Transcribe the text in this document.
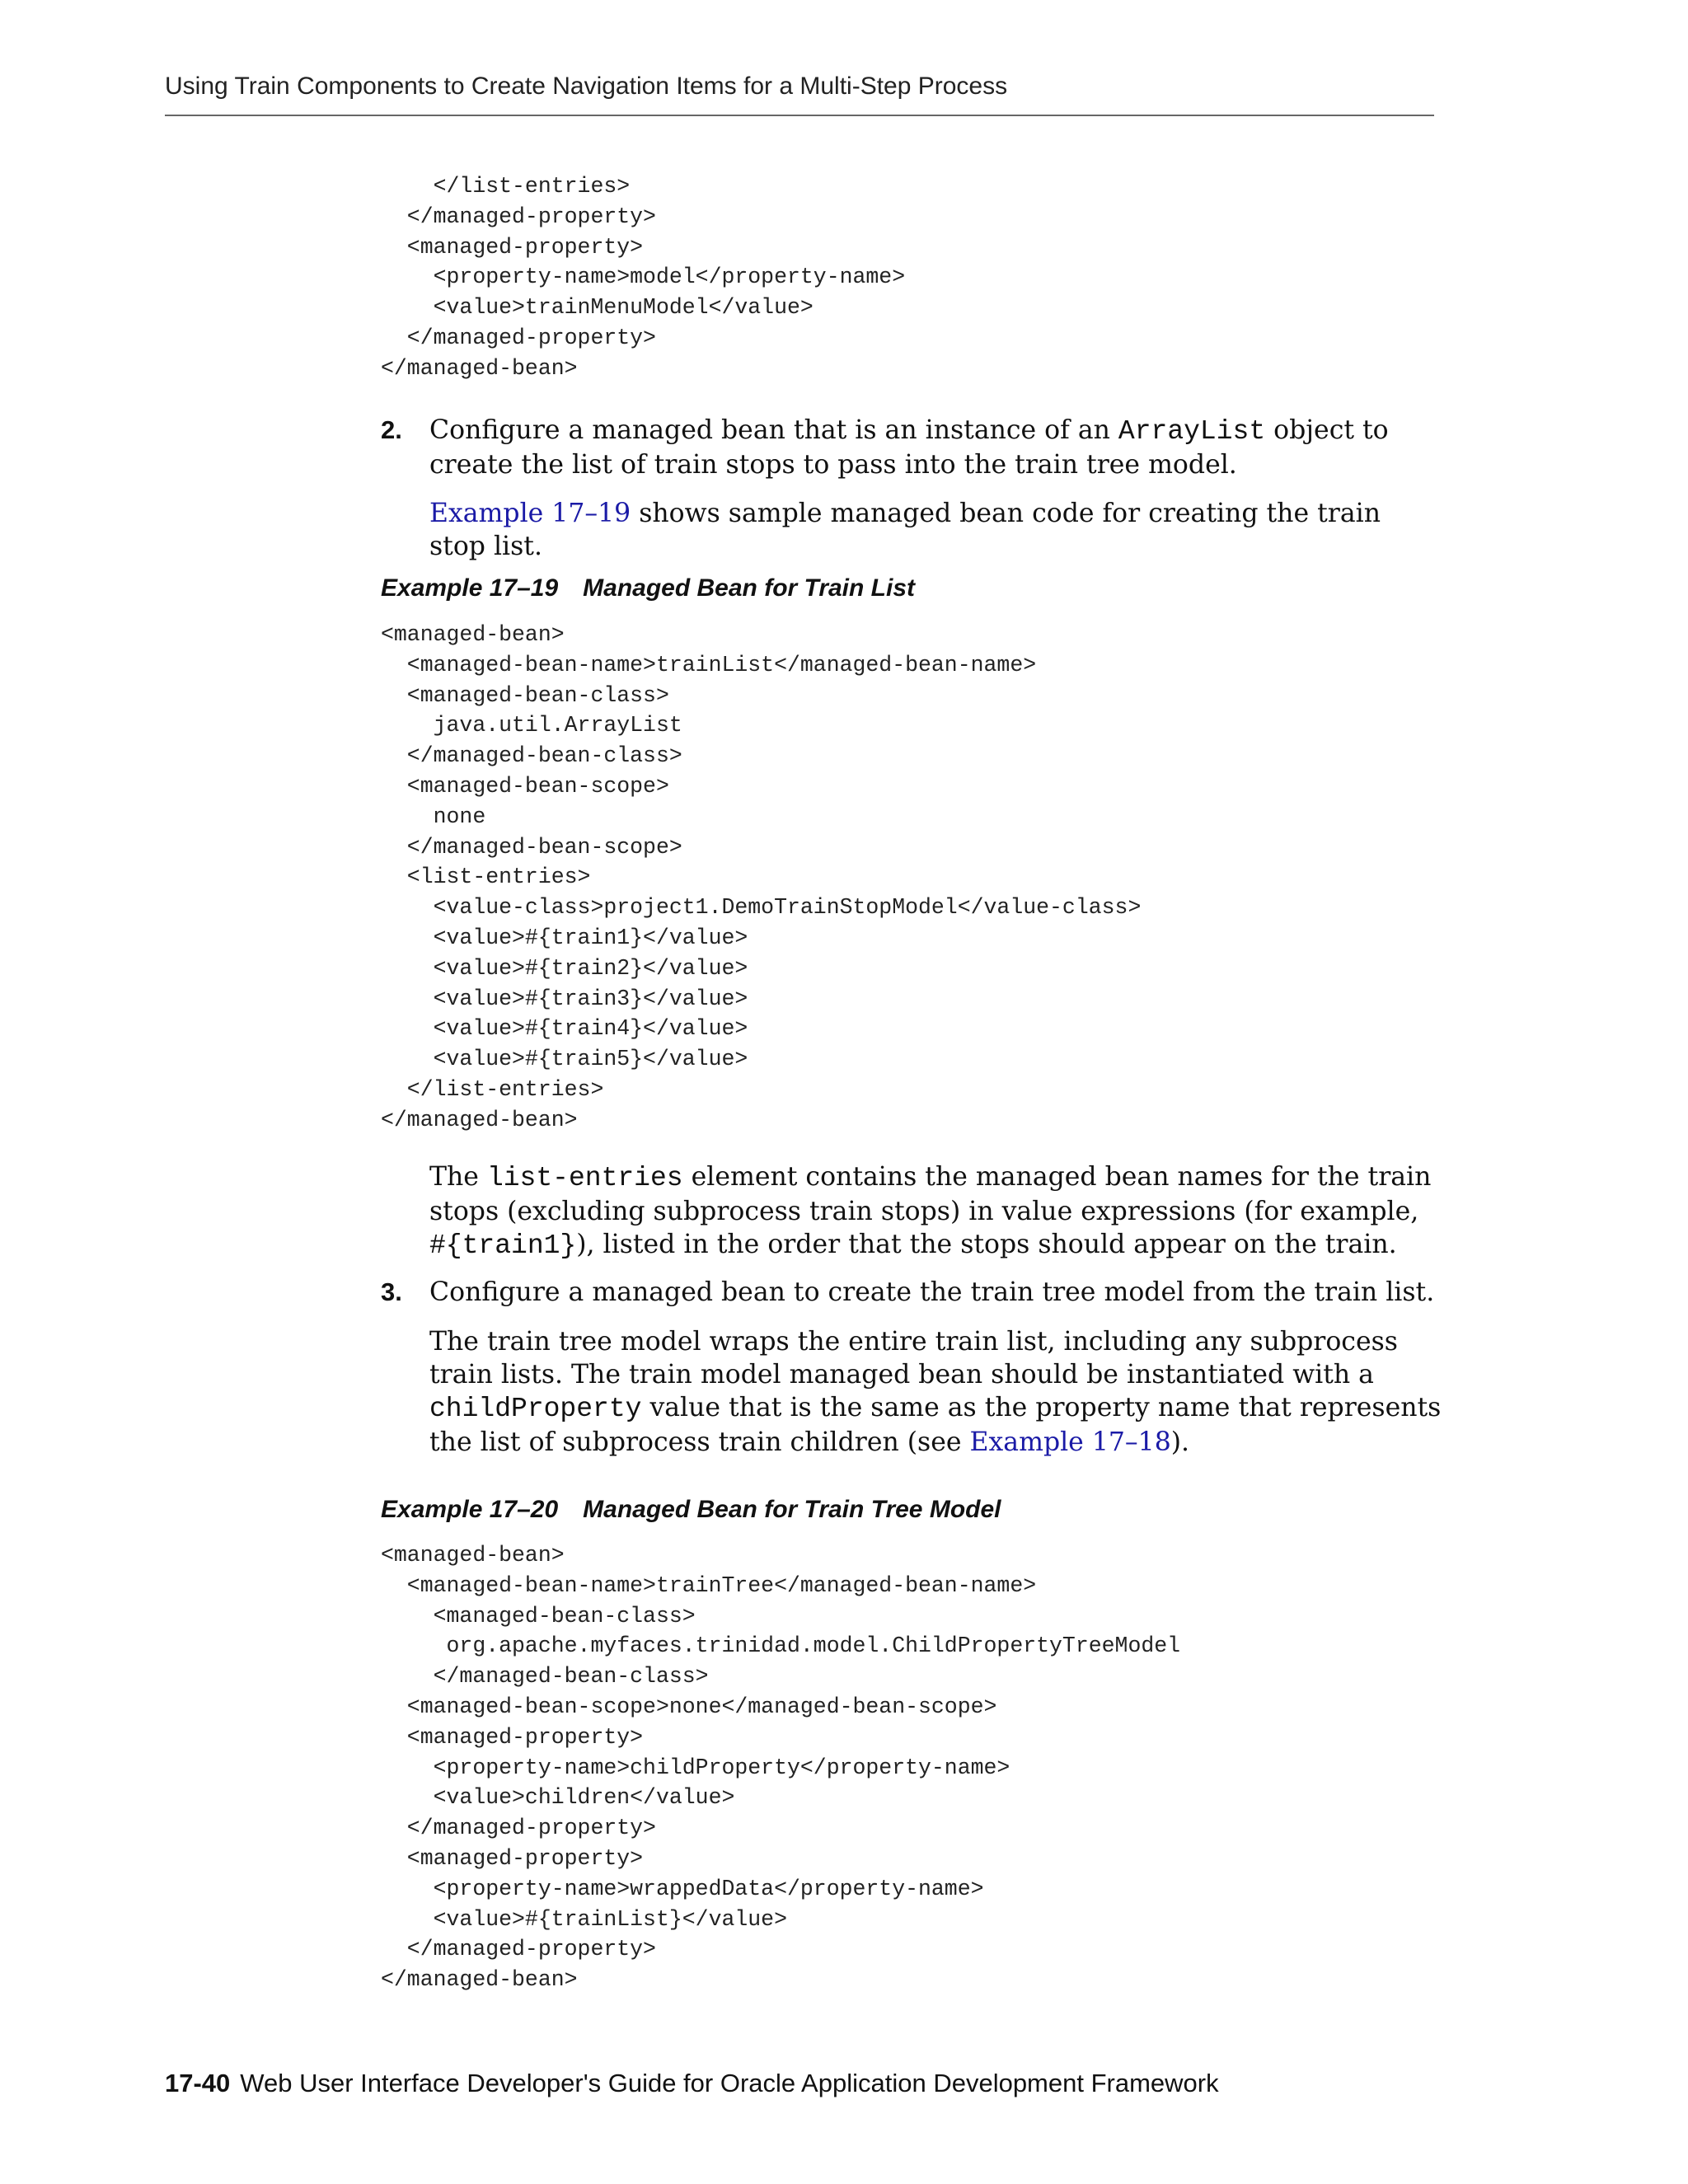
Using Train Components to Create Navigation Items for a Multi-Step Process
</list-entries>
</managed-property>
<managed-property>
<property-name>model</property-name>
<value>trainMenuModel</value>
</managed-property>
</managed-bean>
2. Configure a managed bean that is an instance of an ArrayList object to create the list of train stops to pass into the train tree model.
Example 17–19 shows sample managed bean code for creating the train stop list.
Example 17–19 Managed Bean for Train List
<managed-bean>
<managed-bean-name>trainList</managed-bean-name>
<managed-bean-class>
java.util.ArrayList
</managed-bean-class>
<managed-bean-scope>
none
</managed-bean-scope>
<list-entries>
<value-class>project1.DemoTrainStopModel</value-class>
<value>#{train1}</value>
<value>#{train2}</value>
<value>#{train3}</value>
<value>#{train4}</value>
<value>#{train5}</value>
</list-entries>
</managed-bean>
The list-entries element contains the managed bean names for the train stops (excluding subprocess train stops) in value expressions (for example, #{train1}), listed in the order that the stops should appear on the train.
3. Configure a managed bean to create the train tree model from the train list.
The train tree model wraps the entire train list, including any subprocess train lists. The train model managed bean should be instantiated with a childProperty value that is the same as the property name that represents the list of subprocess train children (see Example 17–18).
Example 17–20 Managed Bean for Train Tree Model
<managed-bean>
<managed-bean-name>trainTree</managed-bean-name>
<managed-bean-class>
org.apache.myfaces.trinidad.model.ChildPropertyTreeModel
</managed-bean-class>
<managed-bean-scope>none</managed-bean-scope>
<managed-property>
<property-name>childProperty</property-name>
<value>children</value>
</managed-property>
<managed-property>
<property-name>wrappedData</property-name>
<value>#{trainList}</value>
</managed-property>
</managed-bean>
17-40 Web User Interface Developer's Guide for Oracle Application Development Framework
